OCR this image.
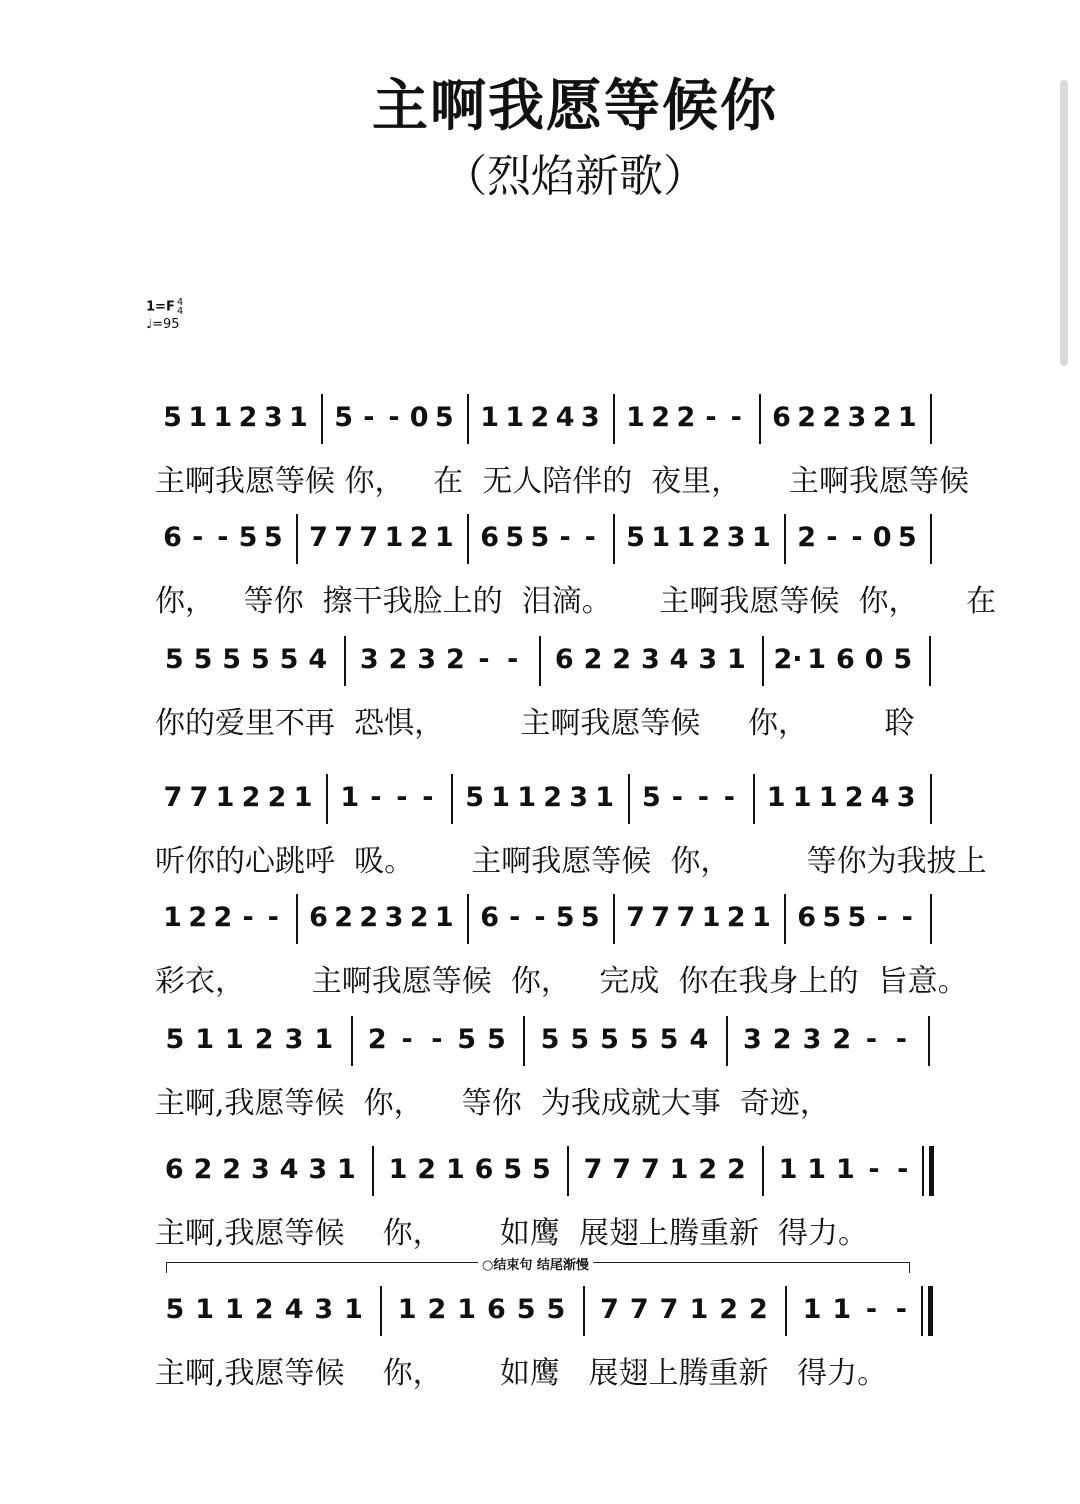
主啊我愿等候你
（烈焰新歌）
1=F 4
4
♩=95
5 1 1 2 3 1 5 - - 0 5 1 1 2 4 3 1 2 2 - - 6 2 2 3 2 1
主啊我愿等候 你，   在  无人陪伴的  夜里，     主啊我愿等候
6 - - 5 5 7 7 7 1 2 1 6 5 5 - - 5 1 1 2 3 1 2 - - 0 5
你，   等你  擦干我脸上的  泪滴。     主啊我愿等候  你，     在
5 5 5 5 5 4 3 2 3 2 - - 6 2 2 3 4 3 1 2· 1 6 0 5
你的爱里不再  恐惧，        主啊我愿等候     你，        聆
7 7 1 2 2 1 1 - - - 5 1 1 2 3 1 5 - - - 1 1 1 2 4 3
听你的心跳呼  吸。      主啊我愿等候  你，        等你为我披上
1 2 2 - - 6 2 2 3 2 1 6 - - 5 5 7 7 7 1 2 1 6 5 5 - -
彩衣，       主啊我愿等候  你，   完成  你在我身上的  旨意。
5 1 1 2 3 1 2 - - 5 5 5 5 5 5 5 4 3 2 3 2 - -
主啊,我愿等候  你，    等你  为我成就大事  奇迹，
6 2 2 3 4 3 1 1 2 1 6 5 5 7 7 7 1 2 2 1 1 1 - -
主啊,我愿等候    你，      如鹰  展翅上腾重新  得力。
5 1 1 2 4 3 1 1 2 1 6 5 5 7 7 7 1 2 2 1 1 - -
主啊,我愿等候    你，      如鹰   展翅上腾重新   得力。
○结束句 结尾渐慢
